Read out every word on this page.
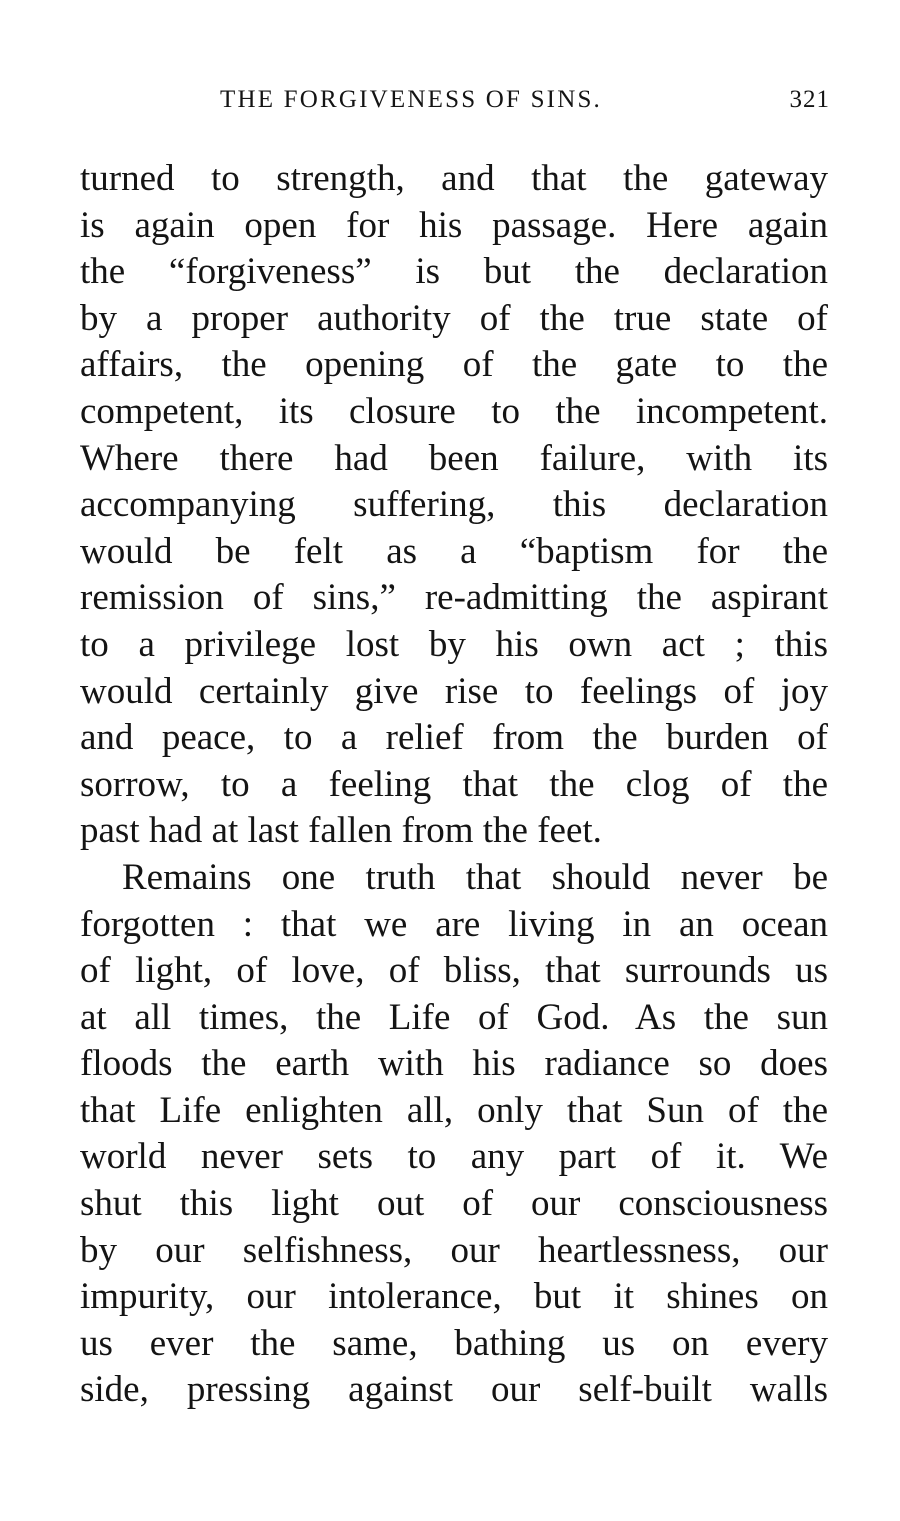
THE FORGIVENESS OF SINS.	321
turned to strength, and that the gateway
is again open for his passage. Here again
the “forgiveness” is but the declaration
by a proper authority of the true state of
affairs, the opening of the gate to the
competent, its closure to the incompetent.
Where there had been failure, with its
accompanying suffering, this declaration
would be felt as a “baptism for the
remission of sins,” re-admitting the aspirant
to a privilege lost by his own act ; this
would certainly give rise to feelings of joy
and peace, to a relief from the burden of
sorrow, to a feeling that the clog of the
past had at last fallen from the feet.
Remains one truth that should never be
forgotten : that we are living in an ocean
of light, of love, of bliss, that surrounds us
at all times, the Life of God. As the sun
floods the earth with his radiance so does
that Life enlighten all, only that Sun of the
world never sets to any part of it. We
shut this light out of our consciousness
by our selfishness, our heartlessness, our
impurity, our intolerance, but it shines on
us ever the same, bathing us on every
side, pressing against our self-built walls
